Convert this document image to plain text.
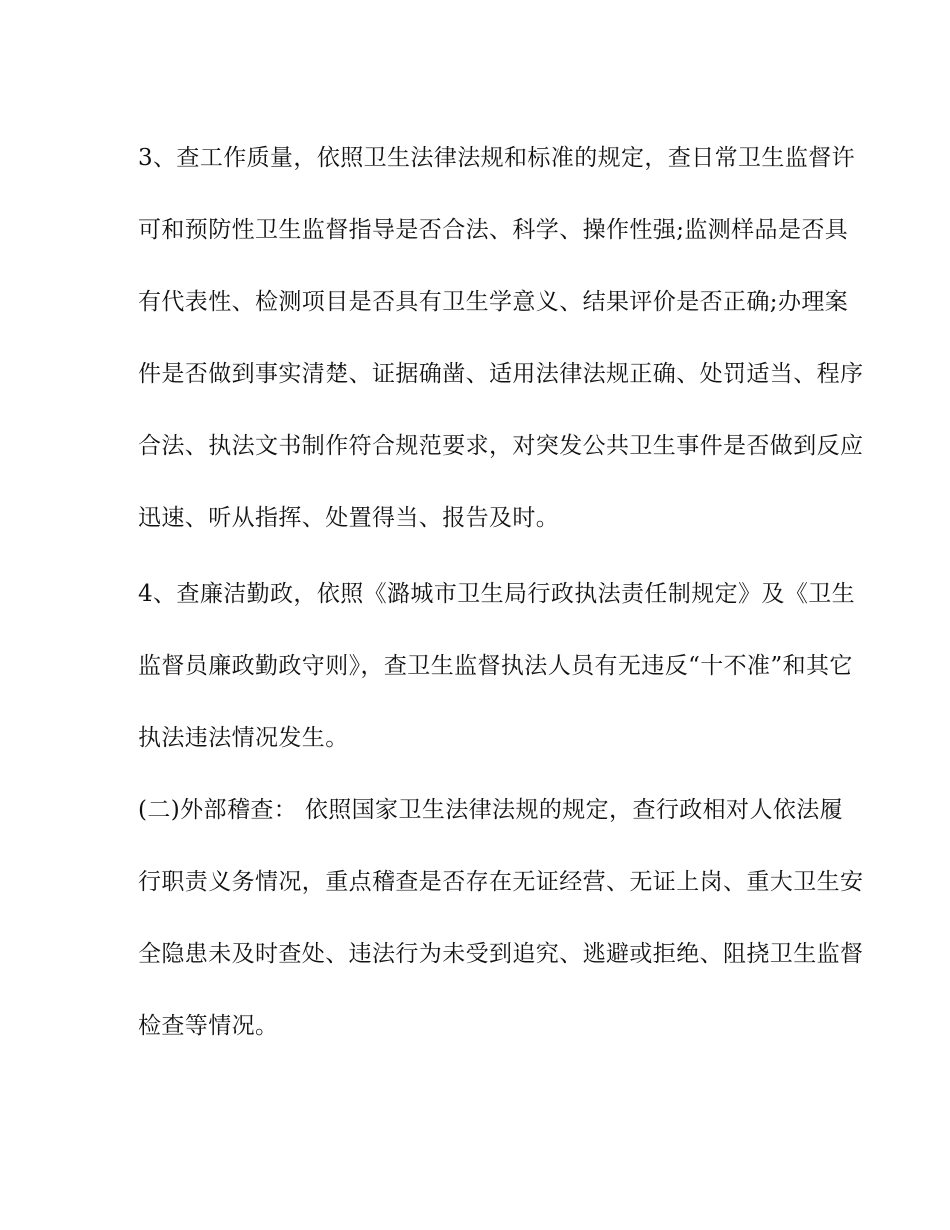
3、查工作质量，依照卫生法律法规和标准的规定，查日常卫生监督许
可和预防性卫生监督指导是否合法、科学、操作性强;监测样品是否具
有代表性、检测项目是否具有卫生学意义、结果评价是否正确;办理案
件是否做到事实清楚、证据确凿、适用法律法规正确、处罚适当、程序
合法、执法文书制作符合规范要求，对突发公共卫生事件是否做到反应
迅速、听从指挥、处置得当、报告及时。
4、查廉洁勤政，依照《潞城市卫生局行政执法责任制规定》及《卫生
监督员廉政勤政守则》，查卫生监督执法人员有无违反“十不准”和其它
执法违法情况发生。
(二)外部稽查： 依照国家卫生法律法规的规定，查行政相对人依法履
行职责义务情况，重点稽查是否存在无证经营、无证上岗、重大卫生安
全隐患未及时查处、违法行为未受到追究、逃避或拒绝、阻挠卫生监督
检查等情况。
